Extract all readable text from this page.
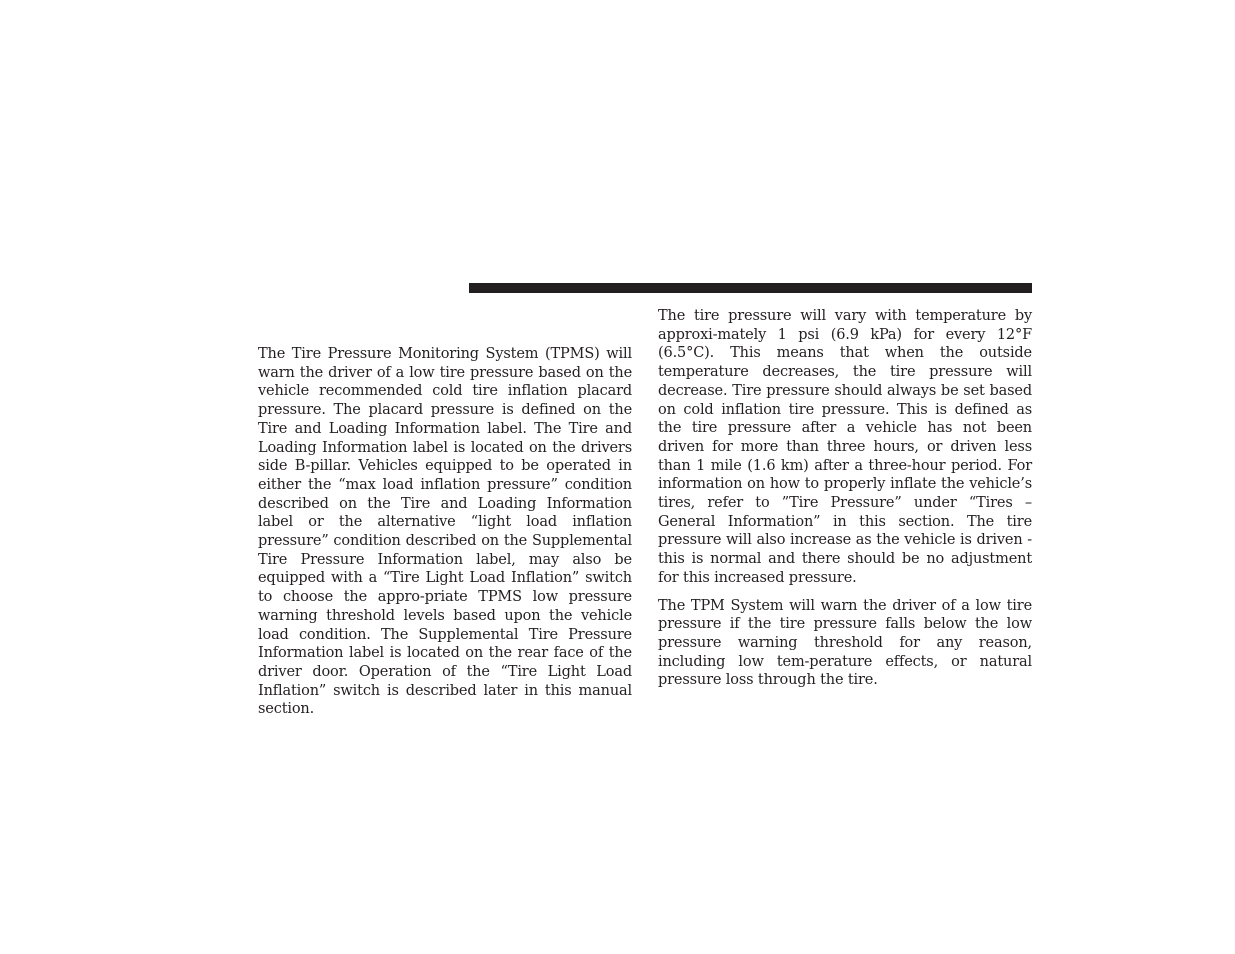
The Tire Pressure Monitoring System (TPMS) will warn the driver of a low tire pressure based on the vehicle recommended cold tire inflation placard pressure. The placard pressure is defined on the Tire and Loading Information label. The Tire and Loading Information label is located on the drivers side B-pillar. Vehicles equipped to be operated in either the “max load inflation pressure” condition described on the Tire and Loading Information label or the alternative “light load inflation pressure” condition described on the Supplemental Tire Pressure Information label, may also be equipped with a “Tire Light Load Inflation” switch to choose the appro-priate TPMS low pressure warning threshold levels based upon the vehicle load condition. The Supplemental Tire Pressure Information label is located on the rear face of the driver door. Operation of the “Tire Light Load Inflation” switch is described later in this manual section.

The tire pressure will vary with temperature by approxi-mately 1 psi (6.9 kPa) for every 12°F (6.5°C). This means that when the outside temperature decreases, the tire pressure will decrease. Tire pressure should always be set based on cold inflation tire pressure. This is defined as the tire pressure after a vehicle has not been driven for more than three hours, or driven less than 1 mile (1.6 km) after a three-hour period. For information on how to properly inflate the vehicle’s tires, refer to ”Tire Pressure” under “Tires – General Information” in this section. The tire pressure will also increase as the vehicle is driven - this is normal and there should be no adjustment for this increased pressure.

The TPM System will warn the driver of a low tire pressure if the tire pressure falls below the low pressure warning threshold for any reason, including low tem-perature effects, or natural pressure loss through the tire.
